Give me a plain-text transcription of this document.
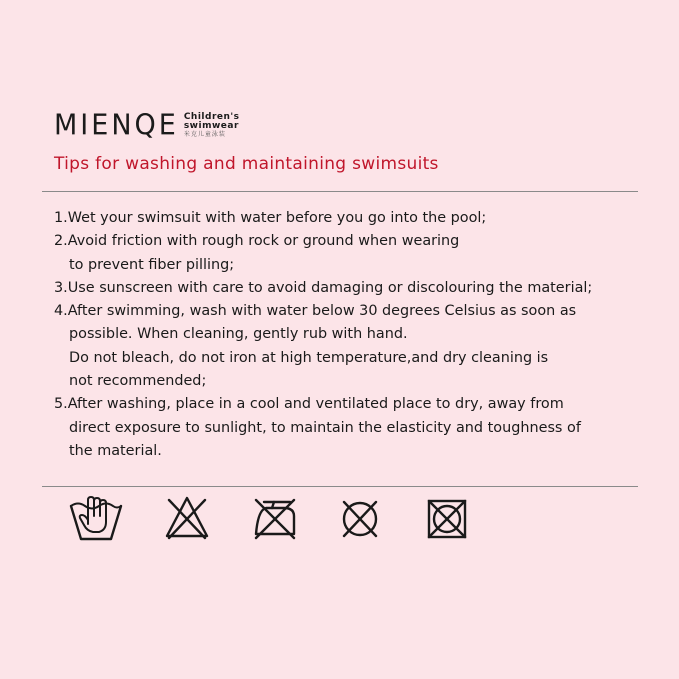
MIENQE Children's
swimwear
米克儿童泳装
Tips for washing and maintaining swimsuits
1.Wet your swimsuit with water before you go into the pool;
2.Avoid friction with rough rock or ground when wearing
to prevent fiber pilling;
3.Use sunscreen with care to avoid damaging or discolouring the material;
4.After swimming, wash with water below 30 degrees Celsius as soon as
possible. When cleaning, gently rub with hand.
Do not bleach, do not iron at high temperature,and dry cleaning is
not recommended;
5.After washing, place in a cool and ventilated place to dry, away from
direct exposure to sunlight, to maintain the elasticity and toughness of
the material.
